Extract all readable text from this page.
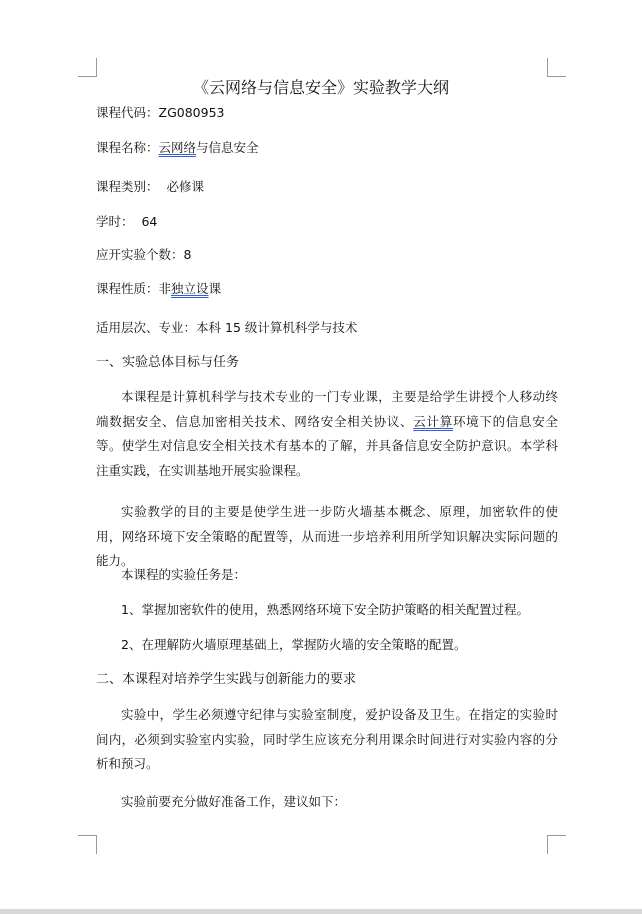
《云网络与信息安全》实验教学大纲
课程代码：ZG080953
课程名称：云网络与信息安全
课程类别： 必修课
学时： 64
应开实验个数：8
课程性质：非独立设课
适用层次、专业：本科 15 级计算机科学与技术
一、实验总体目标与任务
本课程是计算机科学与技术专业的一门专业课，主要是给学生讲授个人移动终端数据安全、信息加密相关技术、网络安全相关协议、云计算环境下的信息安全等。使学生对信息安全相关技术有基本的了解，并具备信息安全防护意识。本学科注重实践，在实训基地开展实验课程。
实验教学的目的主要是使学生进一步防火墙基本概念、原理，加密软件的使用，网络环境下安全策略的配置等，从而进一步培养利用所学知识解决实际问题的能力。
本课程的实验任务是：
1、掌握加密软件的使用，熟悉网络环境下安全防护策略的相关配置过程。
2、在理解防火墙原理基础上，掌握防火墙的安全策略的配置。
二、本课程对培养学生实践与创新能力的要求
实验中，学生必须遵守纪律与实验室制度，爱护设备及卫生。在指定的实验时间内，必须到实验室内实验，同时学生应该充分利用课余时间进行对实验内容的分析和预习。
实验前要充分做好准备工作，建议如下：
